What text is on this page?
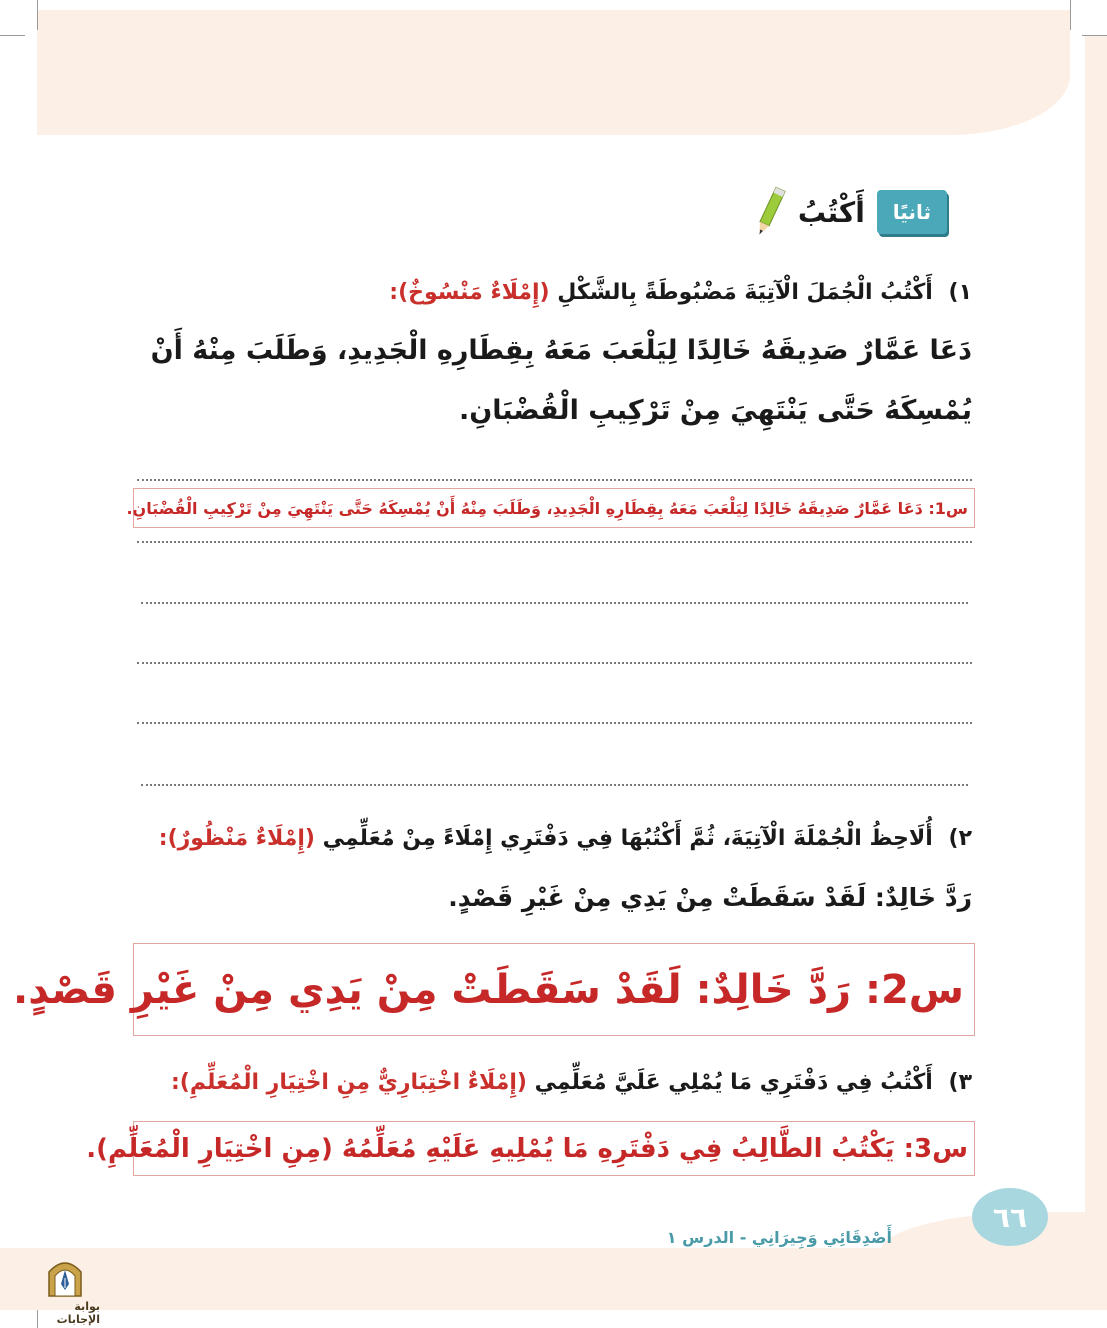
ثانيًا
أَكْتُبُ
١) أَكْتُبُ الْجُمَلَ الْآتِيَةَ مَضْبُوطَةً بِالشَّكْلِ (إِمْلَاءٌ مَنْسُوخٌ):
دَعَا عَمَّارٌ صَدِيقَهُ خَالِدًا لِيَلْعَبَ مَعَهُ بِقِطَارِهِ الْجَدِيدِ، وَطَلَبَ مِنْهُ أَنْ
يُمْسِكَهُ حَتَّى يَنْتَهِيَ مِنْ تَرْكِيبِ الْقُضْبَانِ.
س1: دَعَا عَمَّارٌ صَدِيقَهُ خَالِدًا لِيَلْعَبَ مَعَهُ بِقِطَارِهِ الْجَدِيدِ، وَطَلَبَ مِنْهُ أَنْ يُمْسِكَهُ حَتَّى يَنْتَهِيَ مِنْ تَرْكِيبِ الْقُضْبَانِ.
٢) أُلَاحِظُ الْجُمْلَةَ الْآتِيَةَ، ثُمَّ أَكْتُبُهَا فِي دَفْتَرِي إِمْلَاءً مِنْ مُعَلِّمِي (إِمْلَاءٌ مَنْظُورٌ):
رَدَّ خَالِدٌ: لَقَدْ سَقَطَتْ مِنْ يَدِي مِنْ غَيْرِ قَصْدٍ.
س2: رَدَّ خَالِدٌ: لَقَدْ سَقَطَتْ مِنْ يَدِي مِنْ غَيْرِ قَصْدٍ.
٣) أَكْتُبُ فِي دَفْتَرِي مَا يُمْلِي عَلَيَّ مُعَلِّمِي (إِمْلَاءٌ اخْتِبَارِيٌّ مِنِ اخْتِيَارِ الْمُعَلِّمِ):
س3: يَكْتُبُ الطَّالِبُ فِي دَفْتَرِهِ مَا يُمْلِيهِ عَلَيْهِ مُعَلِّمُهُ (مِنِ اخْتِيَارِ الْمُعَلِّمِ).
٦٦
أَصْدِقَائِي وَجِيرَانِي - الدرس ١
بوابة الإجابات
